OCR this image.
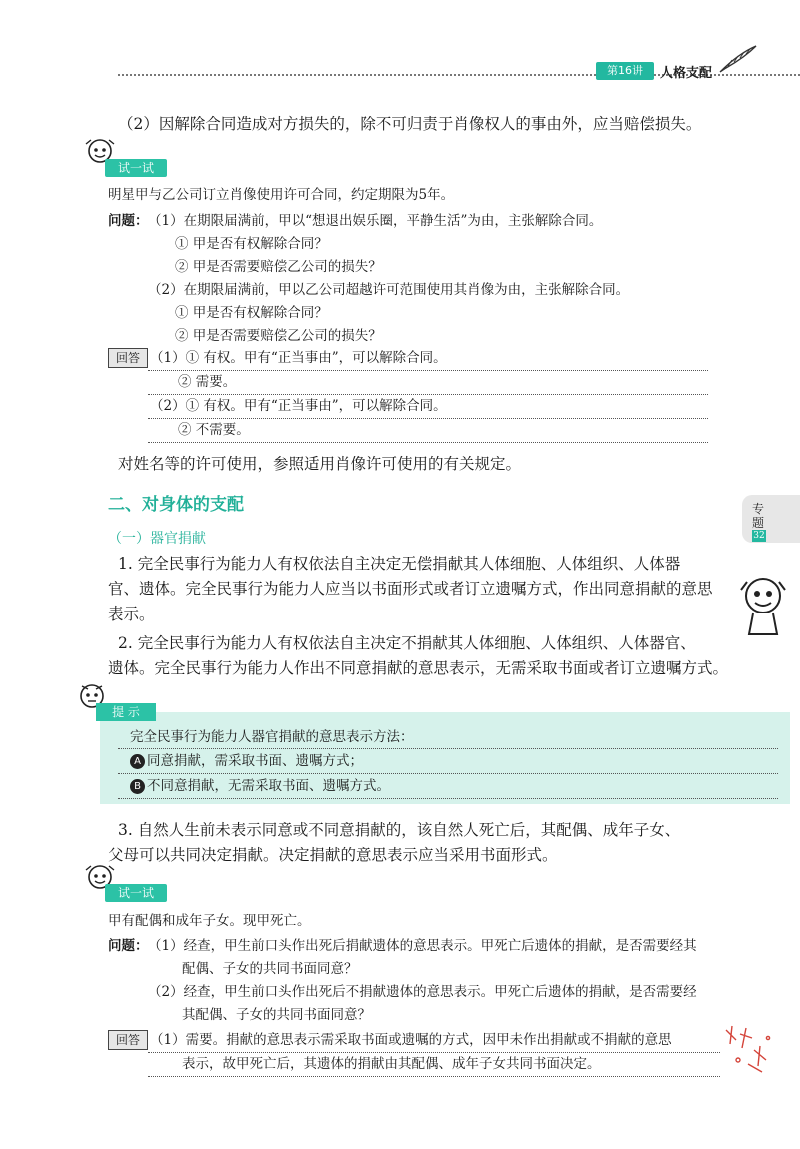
第16讲	人格支配
专题
32
（2）因解除合同造成对方损失的，除不可归责于肖像权人的事由外，应当赔偿损失。
试一试
明星甲与乙公司订立肖像使用许可合同，约定期限为5年。
问题： （1）在期限届满前，甲以“想退出娱乐圈，平静生活”为由，主张解除合同。
① 甲是否有权解除合同？
② 甲是否需要赔偿乙公司的损失？
（2）在期限届满前，甲以乙公司超越许可范围使用其肖像为由，主张解除合同。
① 甲是否有权解除合同？
② 甲是否需要赔偿乙公司的损失？
回答 （1）① 有权。甲有“正当事由”，可以解除合同。
② 需要。
（2）① 有权。甲有“正当事由”，可以解除合同。
② 不需要。
对姓名等的许可使用，参照适用肖像许可使用的有关规定。
二、对身体的支配
（一）器官捐献
1. 完全民事行为能力人有权依法自主决定无偿捐献其人体细胞、人体组织、人体器
官、遗体。完全民事行为能力人应当以书面形式或者订立遗嘱方式，作出同意捐献的意思
表示。
2. 完全民事行为能力人有权依法自主决定不捐献其人体细胞、人体组织、人体器官、
遗体。完全民事行为能力人作出不同意捐献的意思表示，无需采取书面或者订立遗嘱方式。
提 示
完全民事行为能力人器官捐献的意思表示方法：
A 同意捐献，需采取书面、遗嘱方式；
B 不同意捐献，无需采取书面、遗嘱方式。
3. 自然人生前未表示同意或不同意捐献的，该自然人死亡后，其配偶、成年子女、
父母可以共同决定捐献。决定捐献的意思表示应当采用书面形式。
试一试
甲有配偶和成年子女。现甲死亡。
问题： （1）经查，甲生前口头作出死后捐献遗体的意思表示。甲死亡后遗体的捐献，是否需要经其
配偶、子女的共同书面同意？
（2）经查，甲生前口头作出死后不捐献遗体的意思表示。甲死亡后遗体的捐献，是否需要经
其配偶、子女的共同书面同意？
回答 （1）需要。捐献的意思表示需采取书面或遗嘱的方式，因甲未作出捐献或不捐献的意思
表示，故甲死亡后，其遗体的捐献由其配偶、成年子女共同书面决定。
